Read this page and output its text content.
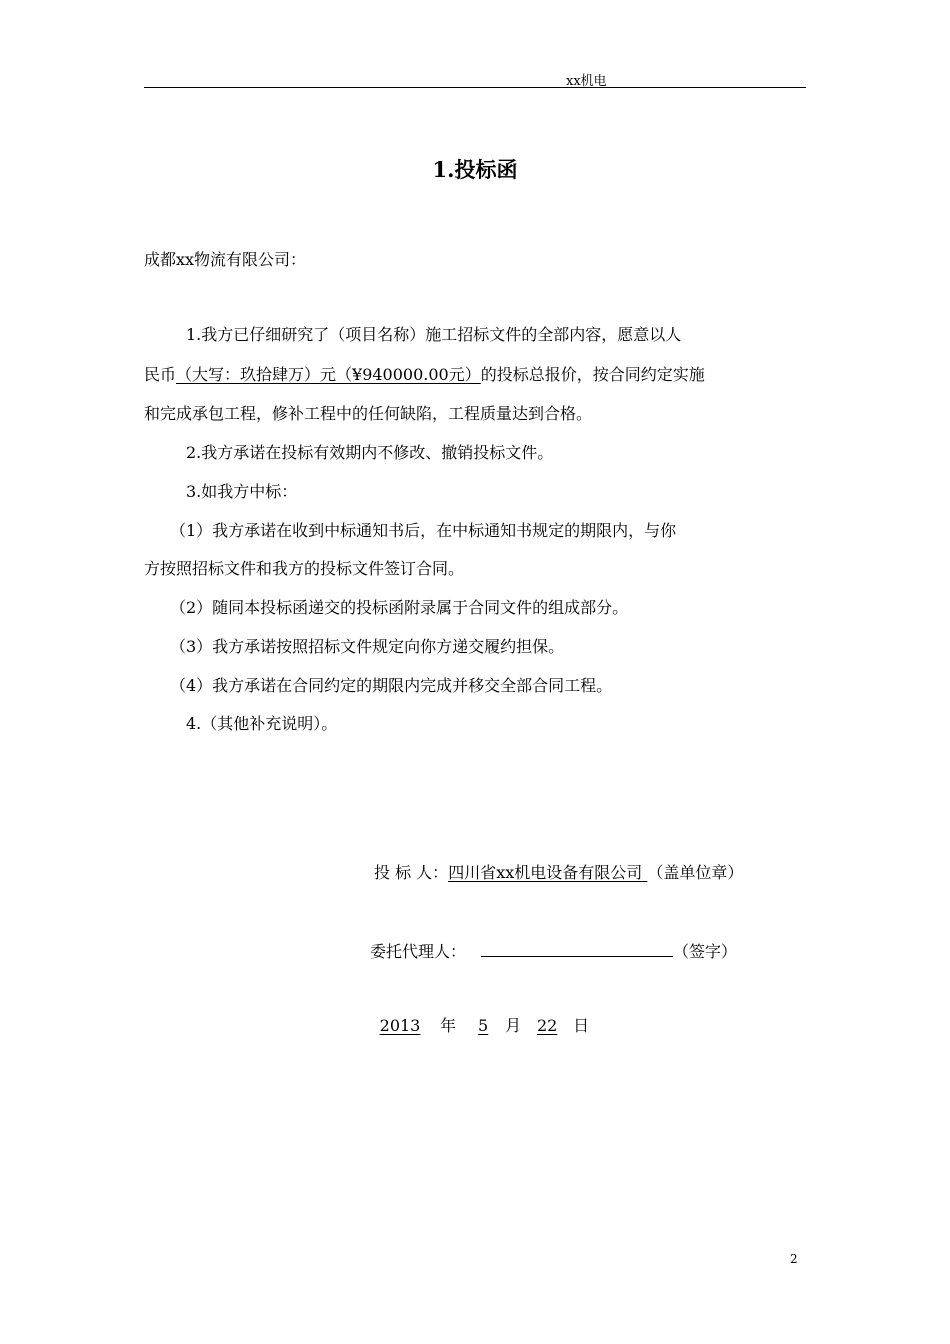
xx机电
1.投标函
成都xx物流有限公司：
1.我方已仔细研究了（项目名称）施工招标文件的全部内容，愿意以人
民币（大写：玖拾肆万）元（¥940000.00元）的投标总报价，按合同约定实施
和完成承包工程，修补工程中的任何缺陷，工程质量达到合格。
2.我方承诺在投标有效期内不修改、撤销投标文件。
3.如我方中标：
（1）我方承诺在收到中标通知书后，在中标通知书规定的期限内，与你
方按照招标文件和我方的投标文件签订合同。
（2）随同本投标函递交的投标函附录属于合同文件的组成部分。
（3）我方承诺按照招标文件规定向你方递交履约担保。
（4）我方承诺在合同约定的期限内完成并移交全部合同工程。
4.（其他补充说明）。
投 标 人：四川省xx机电设备有限公司 （盖单位章）
委托代理人：	（签字）
2013 年 5 月 22 日
2
